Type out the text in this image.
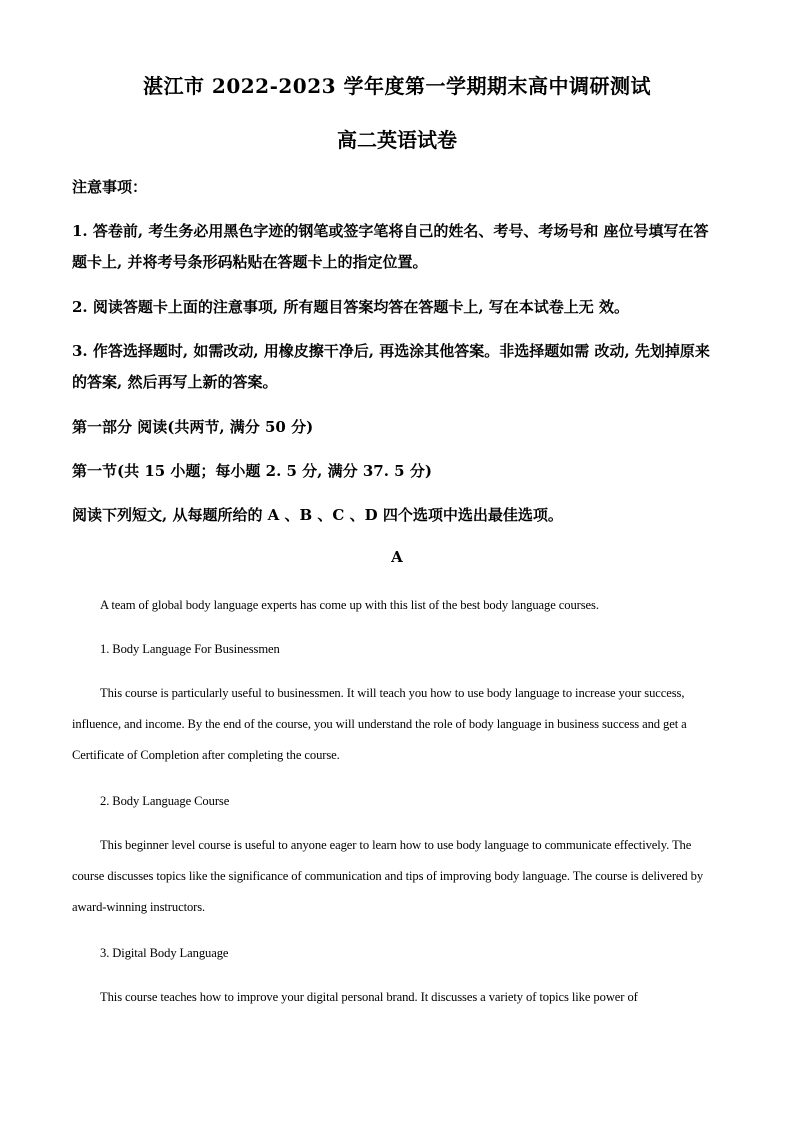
湛江市 2022-2023 学年度第一学期期末高中调研测试
高二英语试卷
注意事项：
1. 答卷前, 考生务必用黑色字迹的钢笔或签字笔将自己的姓名、考号、考场号和 座位号填写在答题卡上, 并将考号条形码粘贴在答题卡上的指定位置。
2. 阅读答题卡上面的注意事项, 所有题目答案均答在答题卡上, 写在本试卷上无 效。
3. 作答选择题时, 如需改动, 用橡皮擦干净后, 再选涂其他答案。非选择题如需 改动, 先划掉原来的答案, 然后再写上新的答案。
第一部分 阅读(共两节, 满分 50 分)
第一节(共 15 小题；每小题 2. 5 分, 满分 37. 5 分)
阅读下列短文, 从每题所给的 A 、B 、C 、D 四个选项中选出最佳选项。
A
A team of global body language experts has come up with this list of the best body language courses.
1. Body Language For Businessmen
This course is particularly useful to businessmen. It will teach you how to use body language to increase your success, influence, and income. By the end of the course, you will understand the role of body language in business success and get a Certificate of Completion after completing the course.
2. Body Language Course
This beginner level course is useful to anyone eager to learn how to use body language to communicate effectively. The course discusses topics like the significance of communication and tips of improving body language. The course is delivered by award-winning instructors.
3. Digital Body Language
This course teaches how to improve your digital personal brand. It discusses a variety of topics like power of
